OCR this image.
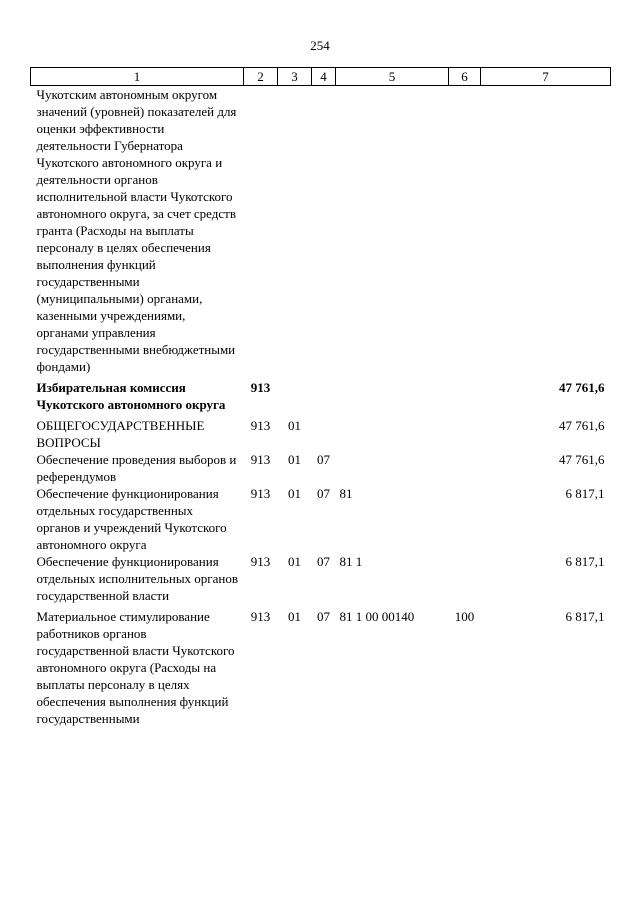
254
1	2	3	4	5	6	7
Чукотским автономным округом значений (уровней) показателей для оценки эффективности деятельности Губернатора Чукотского автономного округа и деятельности органов исполнительной власти Чукотского автономного округа, за счет средств гранта (Расходы на выплаты персоналу в целях обеспечения выполнения функций государственными (муниципальными) органами, казенными учреждениями, органами управления государственными внебюджетными фондами)						
Избирательная комиссия Чукотского автономного округа	913					47 761,6
ОБЩЕГОСУДАРСТВЕННЫЕ ВОПРОСЫ	913	01				47 761,6
Обеспечение проведения выборов и референдумов	913	01	07			47 761,6
Обеспечение функционирования отдельных государственных органов и учреждений Чукотского автономного округа	913	01	07	81		6 817,1
Обеспечение функционирования отдельных исполнительных органов государственной власти	913	01	07	81 1		6 817,1
Материальное стимулирование работников органов государственной власти Чукотского автономного округа (Расходы на выплаты персоналу в целях обеспечения выполнения функций государственными	913	01	07	81 1 00 00140	100	6 817,1
